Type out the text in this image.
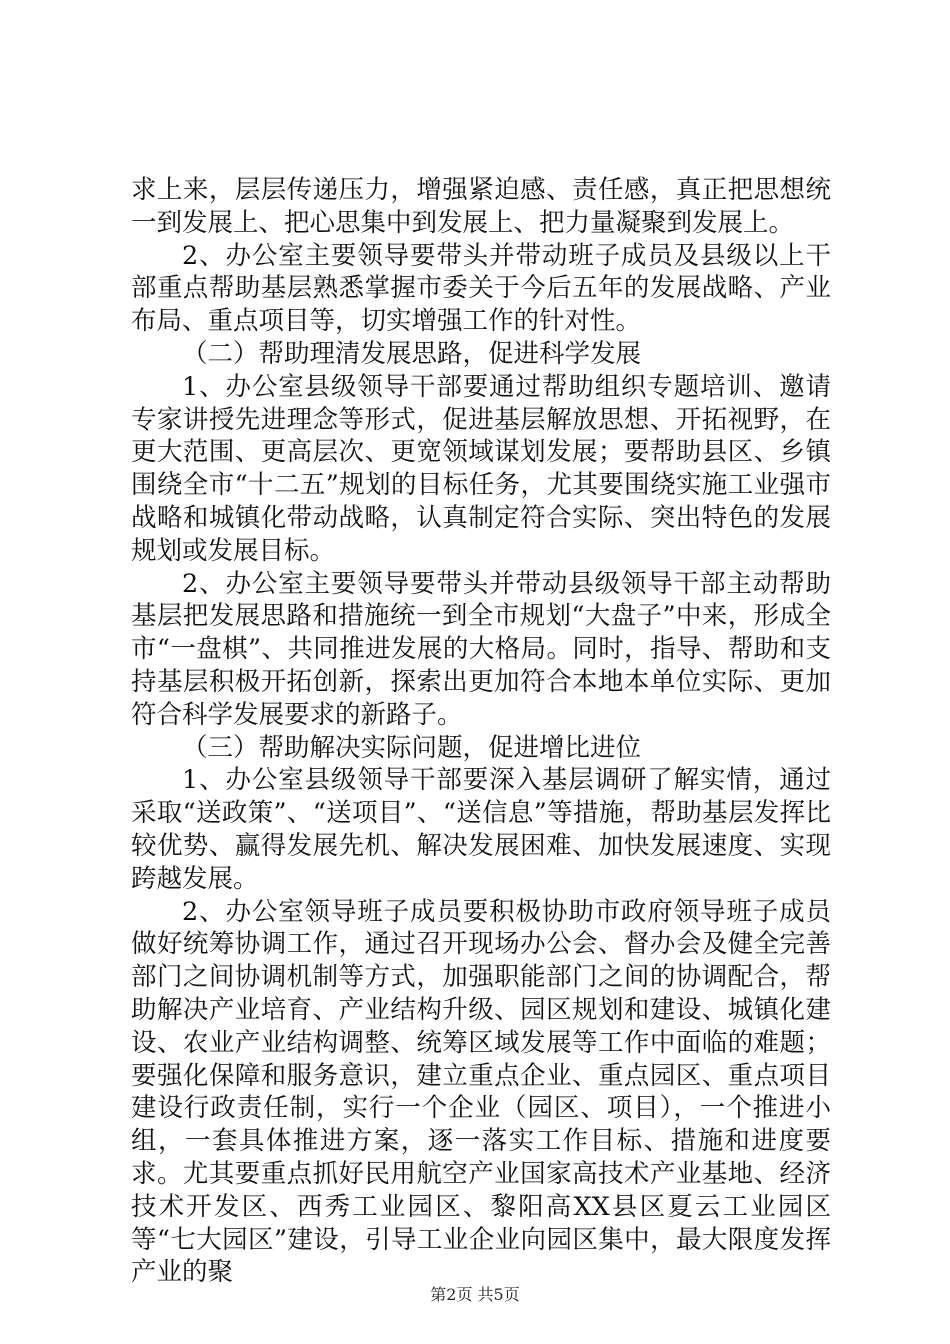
求上来，层层传递压力，增强紧迫感、责任感，真正把思想统一到发展上、把心思集中到发展上、把力量凝聚到发展上。

2、办公室主要领导要带头并带动班子成员及县级以上干部重点帮助基层熟悉掌握市委关于今后五年的发展战略、产业布局、重点项目等，切实增强工作的针对性。

（二）帮助理清发展思路，促进科学发展

1、办公室县级领导干部要通过帮助组织专题培训、邀请专家讲授先进理念等形式，促进基层解放思想、开拓视野，在更大范围、更高层次、更宽领域谋划发展；要帮助县区、乡镇围绕全市“十二五”规划的目标任务，尤其要围绕实施工业强市战略和城镇化带动战略，认真制定符合实际、突出特色的发展规划或发展目标。

2、办公室主要领导要带头并带动县级领导干部主动帮助基层把发展思路和措施统一到全市规划“大盘子”中来，形成全市“一盘棋”、共同推进发展的大格局。同时，指导、帮助和支持基层积极开拓创新，探索出更加符合本地本单位实际、更加符合科学发展要求的新路子。

（三）帮助解决实际问题，促进增比进位

1、办公室县级领导干部要深入基层调研了解实情，通过采取“送政策”、“送项目”、“送信息”等措施，帮助基层发挥比较优势、赢得发展先机、解决发展困难、加快发展速度、实现跨越发展。

2、办公室领导班子成员要积极协助市政府领导班子成员做好统筹协调工作，通过召开现场办公会、督办会及健全完善部门之间协调机制等方式，加强职能部门之间的协调配合，帮助解决产业培育、产业结构升级、园区规划和建设、城镇化建设、农业产业结构调整、统筹区域发展等工作中面临的难题；要强化保障和服务意识，建立重点企业、重点园区、重点项目建设行政责任制，实行一个企业（园区、项目），一个推进小组，一套具体推进方案，逐一落实工作目标、措施和进度要求。尤其要重点抓好民用航空产业国家高技术产业基地、经济技术开发区、西秀工业园区、黎阳高XX县区夏云工业园区等“七大园区”建设，引导工业企业向园区集中，最大限度发挥产业的聚

第2页 共5页
